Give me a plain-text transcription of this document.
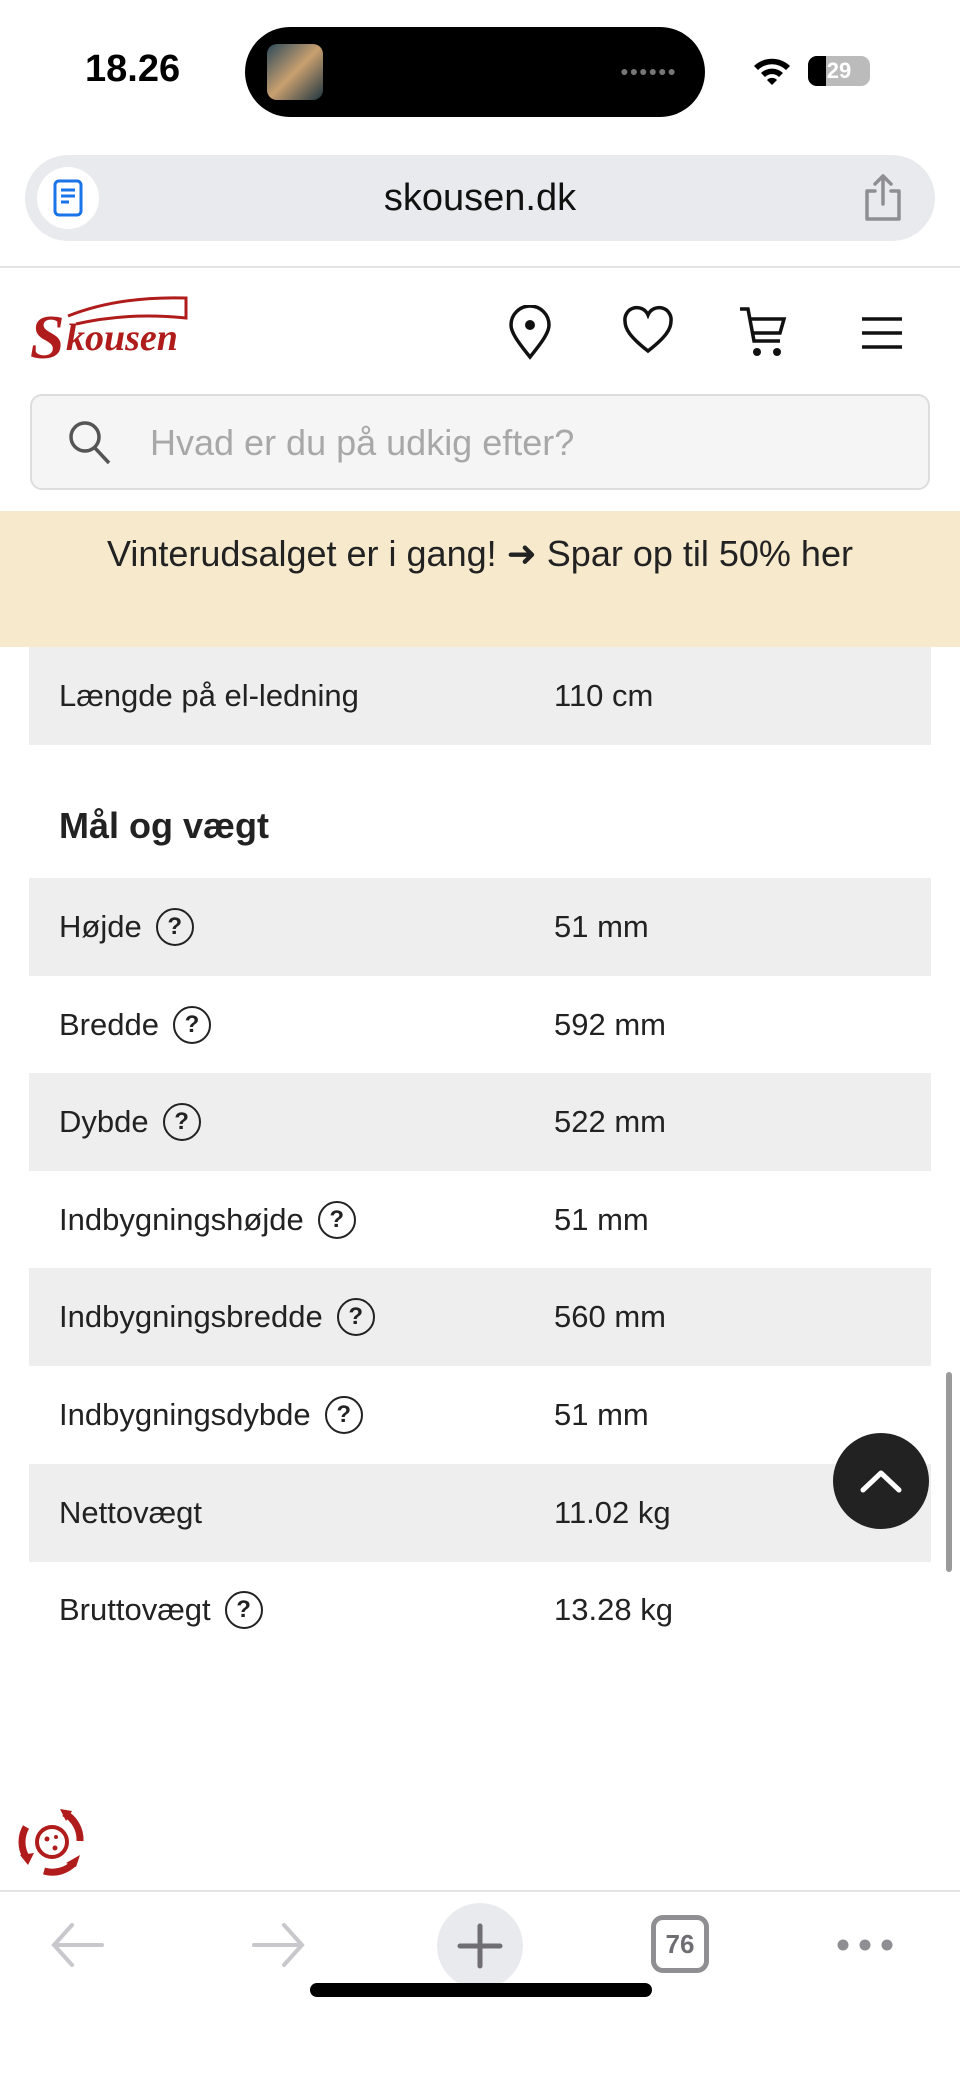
18.26	●●●●●●	29
skousen.dk
S kousen
Hvad er du på udkig efter?
Vinterudsalget er i gang! ➜ Spar op til 50% her
Længde på el-ledning	110 cm
Mål og vægt
Højde	?	51 mm
Bredde	?	592 mm
Dybde	?	522 mm
Indbygningshøjde	?	51 mm
Indbygningsbredde	?	560 mm
Indbygningsdybde	?	51 mm
Nettovægt	11.02 kg
Bruttovægt	?	13.28 kg
76
